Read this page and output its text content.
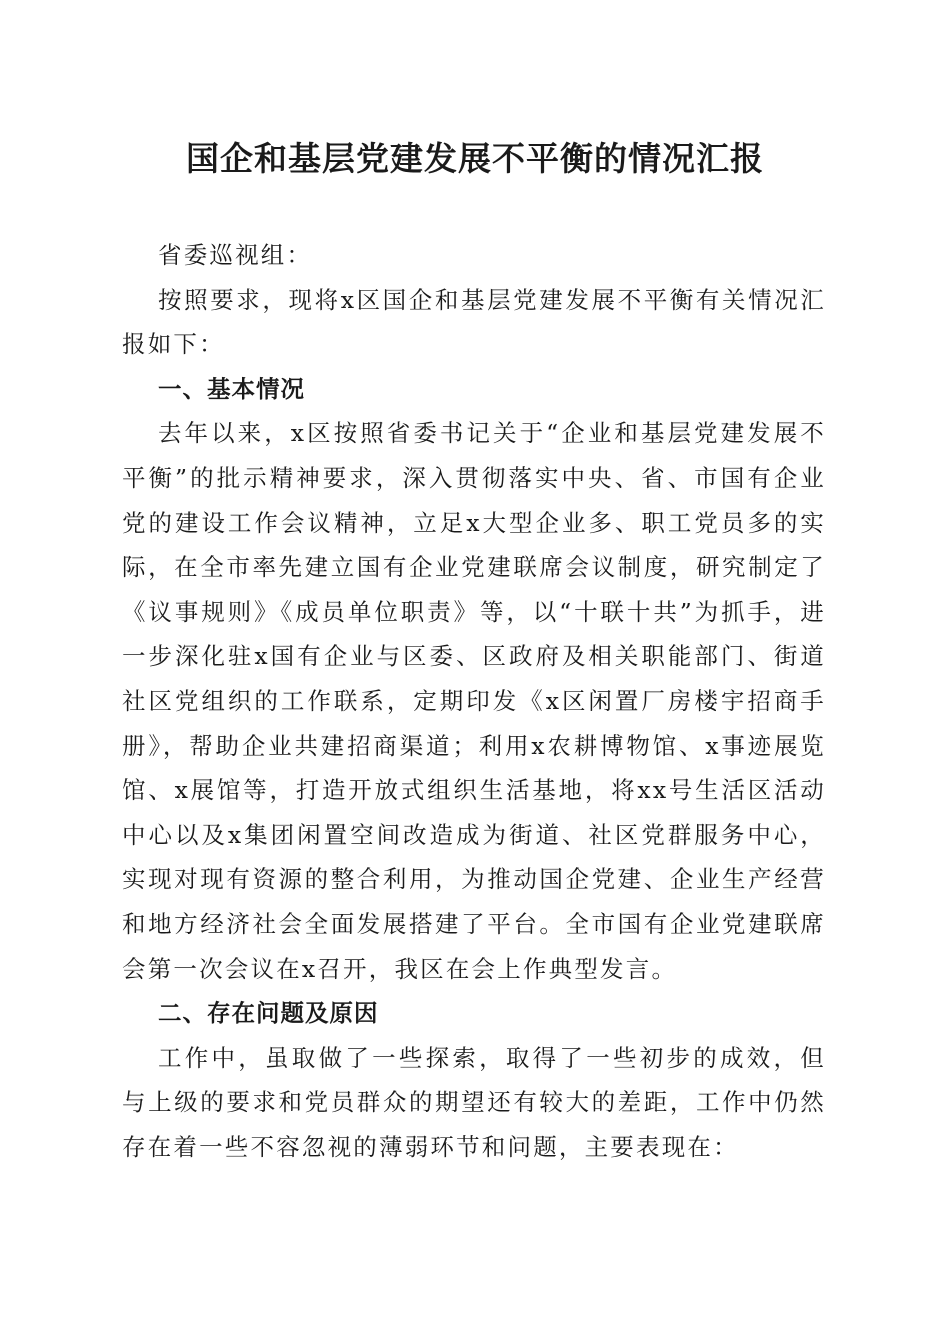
国企和基层党建发展不平衡的情况汇报

省委巡视组：

按照要求，现将x区国企和基层党建发展不平衡有关情况汇报如下：

一、基本情况

去年以来，x区按照省委书记关于“企业和基层党建发展不平衡”的批示精神要求，深入贯彻落实中央、省、市国有企业党的建设工作会议精神，立足x大型企业多、职工党员多的实际，在全市率先建立国有企业党建联席会议制度，研究制定了《议事规则》《成员单位职责》等，以“十联十共”为抓手，进一步深化驻x国有企业与区委、区政府及相关职能部门、街道社区党组织的工作联系，定期印发《x区闲置厂房楼宇招商手册》，帮助企业共建招商渠道；利用x农耕博物馆、x事迹展览馆、x展馆等，打造开放式组织生活基地，将xx号生活区活动中心以及x集团闲置空间改造成为街道、社区党群服务中心，实现对现有资源的整合利用，为推动国企党建、企业生产经营和地方经济社会全面发展搭建了平台。全市国有企业党建联席会第一次会议在x召开，我区在会上作典型发言。

二、存在问题及原因

工作中，虽取做了一些探索，取得了一些初步的成效，但与上级的要求和党员群众的期望还有较大的差距，工作中仍然存在着一些不容忽视的薄弱环节和问题，主要表现在：
